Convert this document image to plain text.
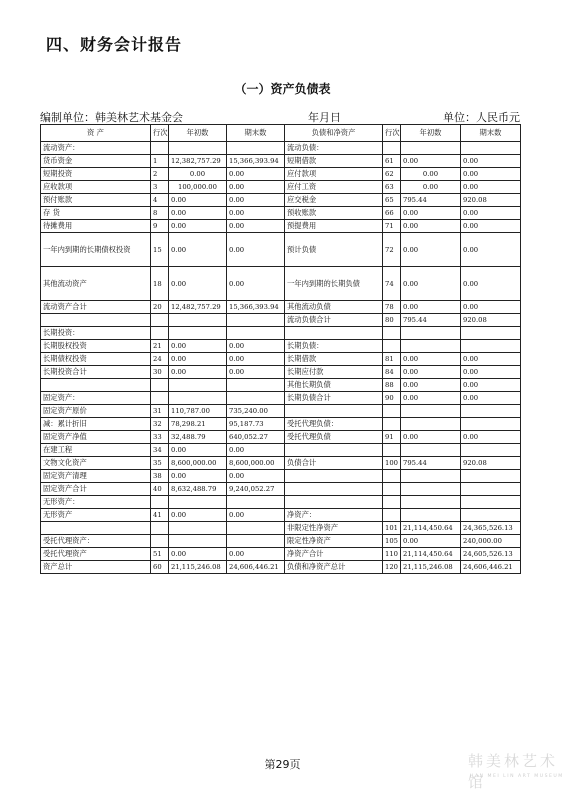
四、财务会计报告
（一）资产负债表
编制单位：韩美林艺术基金会	年月日	单位：人民币元
资 产	行次	年初数	期末数	负债和净资产	行次	年初数	期末数
流动资产：				流动负债：			
货币资金	1	12,382,757.29	15,366,393.94	短期借款	61	0.00	0.00
短期投资	2	0.00	0.00	应付款项	62	0.00	0.00
应收款项	3	100,000.00	0.00	应付工资	63	0.00	0.00
预付账款	4	0.00	0.00	应交税金	65	795.44	920.08
存 货	8	0.00	0.00	预收账款	66	0.00	0.00
待摊费用	9	0.00	0.00	预提费用	71	0.00	0.00
一年内到期的长期债权投资	15	0.00	0.00	预计负债	72	0.00	0.00
其他流动资产	18	0.00	0.00	一年内到期的长期负债	74	0.00	0.00
流动资产合计	20	12,482,757.29	15,366,393.94	其他流动负债	78	0.00	0.00
				流动负债合计	80	795.44	920.08
长期投资：							
长期股权投资	21	0.00	0.00	长期负债：			
长期债权投资	24	0.00	0.00	长期借款	81	0.00	0.00
长期投资合计	30	0.00	0.00	长期应付款	84	0.00	0.00
				其他长期负债	88	0.00	0.00
固定资产：				长期负债合计	90	0.00	0.00
固定资产原价	31	110,787.00	735,240.00				
减：累计折旧	32	78,298.21	95,187.73	受托代理负债：			
固定资产净值	33	32,488.79	640,052.27	受托代理负债	91	0.00	0.00
在建工程	34	0.00	0.00				
文物文化资产	35	8,600,000.00	8,600,000.00	负债合计	100	795.44	920.08
固定资产清理	38	0.00	0.00				
固定资产合计	40	8,632,488.79	9,240,052.27				
无形资产：							
无形资产	41	0.00	0.00	净资产：			
				非限定性净资产	101	21,114,450.64	24,365,526.13
受托代理资产：				限定性净资产	105	0.00	240,000.00
受托代理资产	51	0.00	0.00	净资产合计	110	21,114,450.64	24,605,526.13
资产总计	60	21,115,246.08	24,606,446.21	负债和净资产总计	120	21,115,246.08	24,606,446.21
第29页	韩美林艺术馆
HAN MEI LIN ART MUSEUM
